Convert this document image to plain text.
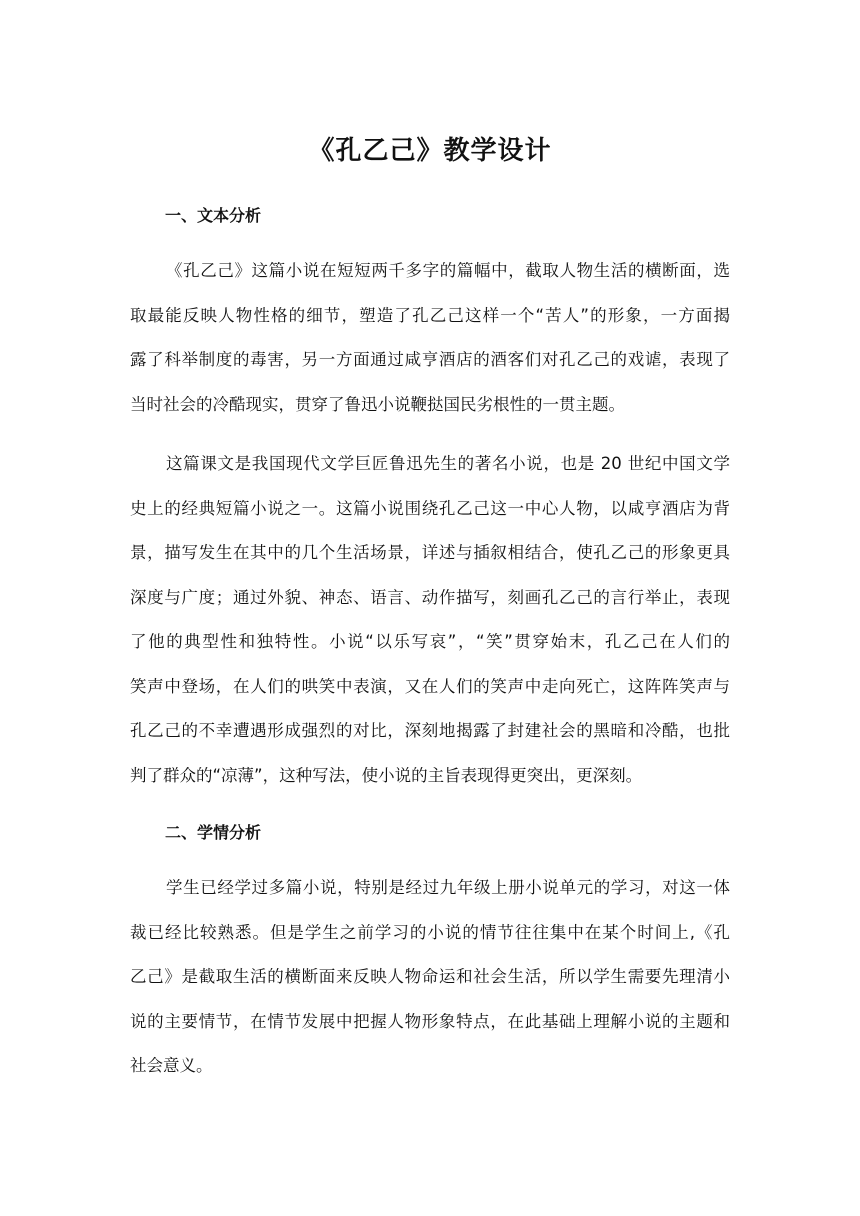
《孔乙己》教学设计
一、文本分析
《孔乙己》这篇小说在短短两千多字的篇幅中，截取人物生活的横断面，选
取最能反映人物性格的细节，塑造了孔乙己这样一个“苦人”的形象，一方面揭
露了科举制度的毒害，另一方面通过咸亨酒店的酒客们对孔乙己的戏谑，表现了
当时社会的冷酷现实，贯穿了鲁迅小说鞭挞国民劣根性的一贯主题。
这篇课文是我国现代文学巨匠鲁迅先生的著名小说，也是 20 世纪中国文学
史上的经典短篇小说之一。这篇小说围绕孔乙己这一中心人物，以咸亨酒店为背
景，描写发生在其中的几个生活场景，详述与插叙相结合，使孔乙己的形象更具
深度与广度；通过外貌、神态、语言、动作描写，刻画孔乙己的言行举止，表现
了他的典型性和独特性。小说“以乐写哀”，“笑”贯穿始末，孔乙己在人们的
笑声中登场，在人们的哄笑中表演，又在人们的笑声中走向死亡，这阵阵笑声与
孔乙己的不幸遭遇形成强烈的对比，深刻地揭露了封建社会的黑暗和冷酷，也批
判了群众的“凉薄”，这种写法，使小说的主旨表现得更突出，更深刻。
二、学情分析
学生已经学过多篇小说，特别是经过九年级上册小说单元的学习，对这一体
裁已经比较熟悉。但是学生之前学习的小说的情节往往集中在某个时间上,《孔
乙己》是截取生活的横断面来反映人物命运和社会生活，所以学生需要先理清小
说的主要情节，在情节发展中把握人物形象特点，在此基础上理解小说的主题和
社会意义。
